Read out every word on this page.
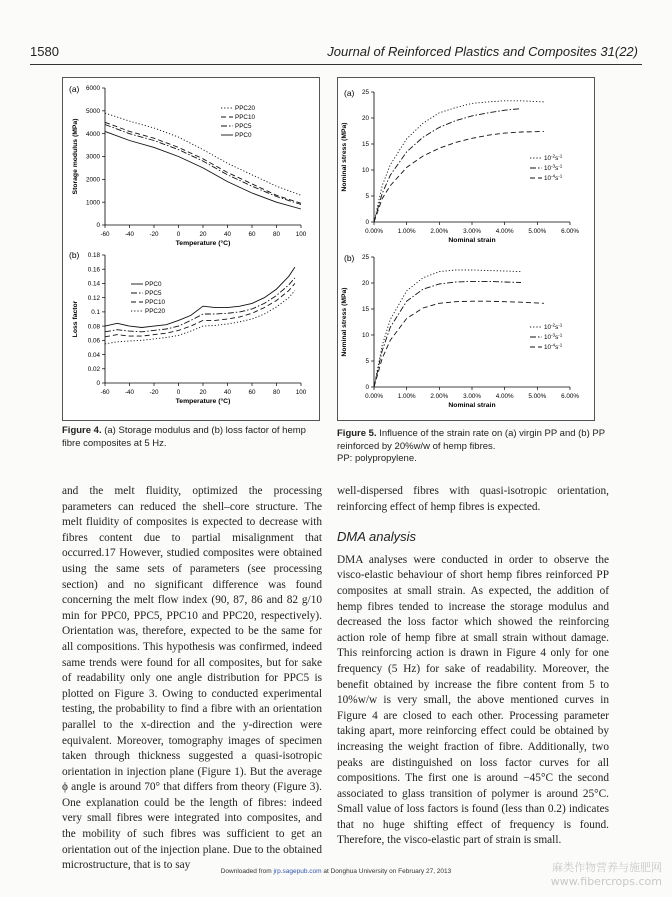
1580	Journal of Reinforced Plastics and Composites 31(22)
(a)
-60 -40 -20	0	20	40	60	80 100
0
1000
2000
3000
4000
5000
6000
Temperature (°C)
Storage modulus (MPa)
PPC20
PPC10
PPC5
PPC0
(b)
-60 -40 -20	0	20	40	60	80 100
0
0.02
0.04
0.06
0.08
0.1
0.12
0.14
0.16
0.18
Temperature (°C)
Loss factor
PPC0
PPC5
PPC10
PPC20
Figure 4. (a) Storage modulus and (b) loss factor of hemp fibre composites at 5 Hz.
(a)
0.00% 1.00% 2.00% 3.00% 4.00% 5.00% 6.00%
0
5
10
15
20
25
Nominal strain
Nominal stress (MPa)	$10^{-2}s^{-1}$
$10^{-3}s^{-1}$
$10^{-4}s^{-1}$
(b)
0.00% 1.00% 2.00% 3.00% 4.00% 5.00% 6.00%
0
5
10
15
20
25
Nominal strain
Nominal stress (MPa)	$10^{-2}s^{-1}$
$10^{-3}s^{-1}$
$10^{-4}s^{-1}$
Figure 5. Influence of the strain rate on (a) virgin PP and (b) PP reinforced by 20%w/w of hemp fibres.
PP: polypropylene.

and the melt fluidity, optimized the processing parameters can reduced the shell–core structure. The melt fluidity of composites is expected to decrease with fibres content due to partial misalignment that occurred.17 However, studied composites were obtained using the same sets of parameters (see processing section) and no significant difference was found concerning the melt flow index (90, 87, 86 and 82 g/10 min for PPC0, PPC5, PPC10 and PPC20, respectively). Orientation was, therefore, expected to be the same for all compositions. This hypothesis was confirmed, indeed same trends were found for all composites, but for sake of readability only one angle distribution for PPC5 is plotted on Figure 3. Owing to conducted experimental testing, the probability to find a fibre with an orientation parallel to the x-direction and the y-direction were equivalent. Moreover, tomography images of specimen taken through thickness suggested a quasi-isotropic orientation in injection plane (Figure 1). But the average ϕ angle is around 70° that differs from theory (Figure 3). One explanation could be the length of fibres: indeed very small fibres were integrated into composites, and the mobility of such fibres was sufficient to get an orientation out of the injection plane. Due to the obtained microstructure, that is to say

well-dispersed fibres with quasi-isotropic orientation, reinforcing effect of hemp fibres is expected.

DMA analysis

DMA analyses were conducted in order to observe the visco-elastic behaviour of short hemp fibres reinforced PP composites at small strain. As expected, the addition of hemp fibres tended to increase the storage modulus and decreased the loss factor which showed the reinforcing action role of hemp fibre at small strain without damage. This reinforcing action is drawn in Figure 4 only for one frequency (5 Hz) for sake of readability. Moreover, the benefit obtained by increase the fibre content from 5 to 10%w/w is very small, the above mentioned curves in Figure 4 are closed to each other. Processing parameter taking apart, more reinforcing effect could be obtained by increasing the weight fraction of fibre. Additionally, two peaks are distinguished on loss factor curves for all compositions. The first one is around −45°C the second associated to glass transition of polymer is around 25°C. Small value of loss factors is found (less than 0.2) indicates that no huge shifting effect of frequency is found. Therefore, the visco-elastic part of strain is small.

Downloaded from jrp.sagepub.com at Donghua University on February 27, 2013	麻类作物营养与施肥网
www.fibercrops.com
